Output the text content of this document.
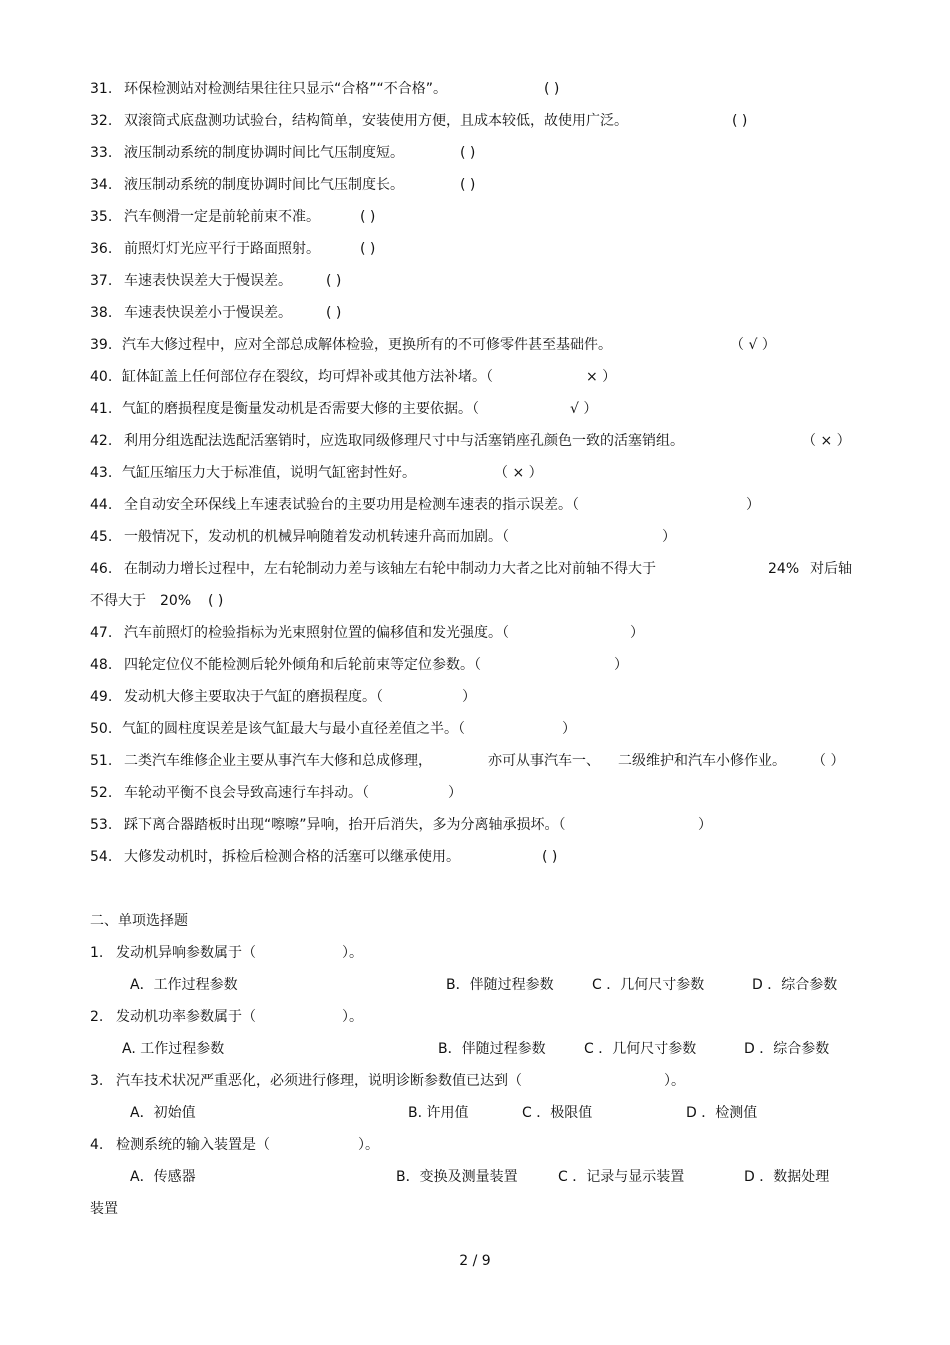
31. 环保检测站对检测结果往往只显示“合格”“不合格”。	( )
32. 双滚筒式底盘测功试验台，结构简单，安装使用方便，且成本较低，故使用广泛。	( )
33. 液压制动系统的制度协调时间比气压制度短。	( )
34. 液压制动系统的制度协调时间比气压制度长。	( )
35. 汽车侧滑一定是前轮前束不准。	( )
36. 前照灯灯光应平行于路面照射。	( )
37. 车速表快误差大于慢误差。 ( )
38. 车速表快误差小于慢误差。 ( )
39. 汽车大修过程中，应对全部总成解体检验，更换所有的不可修零件甚至基础件。	（ √ ）
40. 缸体缸盖上任何部位存在裂纹，均可焊补或其他方法补堵。（	× ）
41. 气缸的磨损程度是衡量发动机是否需要大修的主要依据。（	√ ）
42. 利用分组选配法选配活塞销时，应选取同级修理尺寸中与活塞销座孔颜色一致的活塞销组。	（ × ）
43. 气缸压缩压力大于标准值，说明气缸密封性好。	（ × ）
44. 全自动安全环保线上车速表试验台的主要功用是检测车速表的指示误差。（	）
45. 一般情况下，发动机的机械异响随着发动机转速升高而加剧。（	）
46. 在制动力增长过程中，左右轮制动力差与该轴左右轮中制动力大者之比对前轴不得大于	24% 对后轴
不得大于 20% ( )
47. 汽车前照灯的检验指标为光束照射位置的偏移值和发光强度。（	）
48. 四轮定位仪不能检测后轮外倾角和后轮前束等定位参数。（	）
49. 发动机大修主要取决于气缸的磨损程度。（	）
50. 气缸的圆柱度误差是该气缸最大与最小直径差值之半。（	）
51. 二类汽车维修企业主要从事汽车大修和总成修理，	亦可从事汽车一、 二级维护和汽车小修作业。 （ ）
52. 车轮动平衡不良会导致高速行车抖动。（	）
53. 踩下离合器踏板时出现“嚓嚓”异响，抬开后消失，多为分离轴承损坏。（	）
54. 大修发动机时，拆检后检测合格的活塞可以继承使用。	( )
二、单项选择题
1. 发动机异响参数属于（	）。
A．工作过程参数	B．伴随过程参数	C ．几何尺寸参数	D ．综合参数
2. 发动机功率参数属于（	）。
A. 工作过程参数	B．伴随过程参数	C ．几何尺寸参数	D ．综合参数
3. 汽车技术状况严重恶化，必须进行修理，说明诊断参数值已达到（	）。
A．初始值	B. 许用值	C ．极限值	D ．检测值
4. 检测系统的输入装置是（	）。
A．传感器	B．变换及测量装置	C ．记录与显示装置	D ．数据处理
装置
2 / 9
